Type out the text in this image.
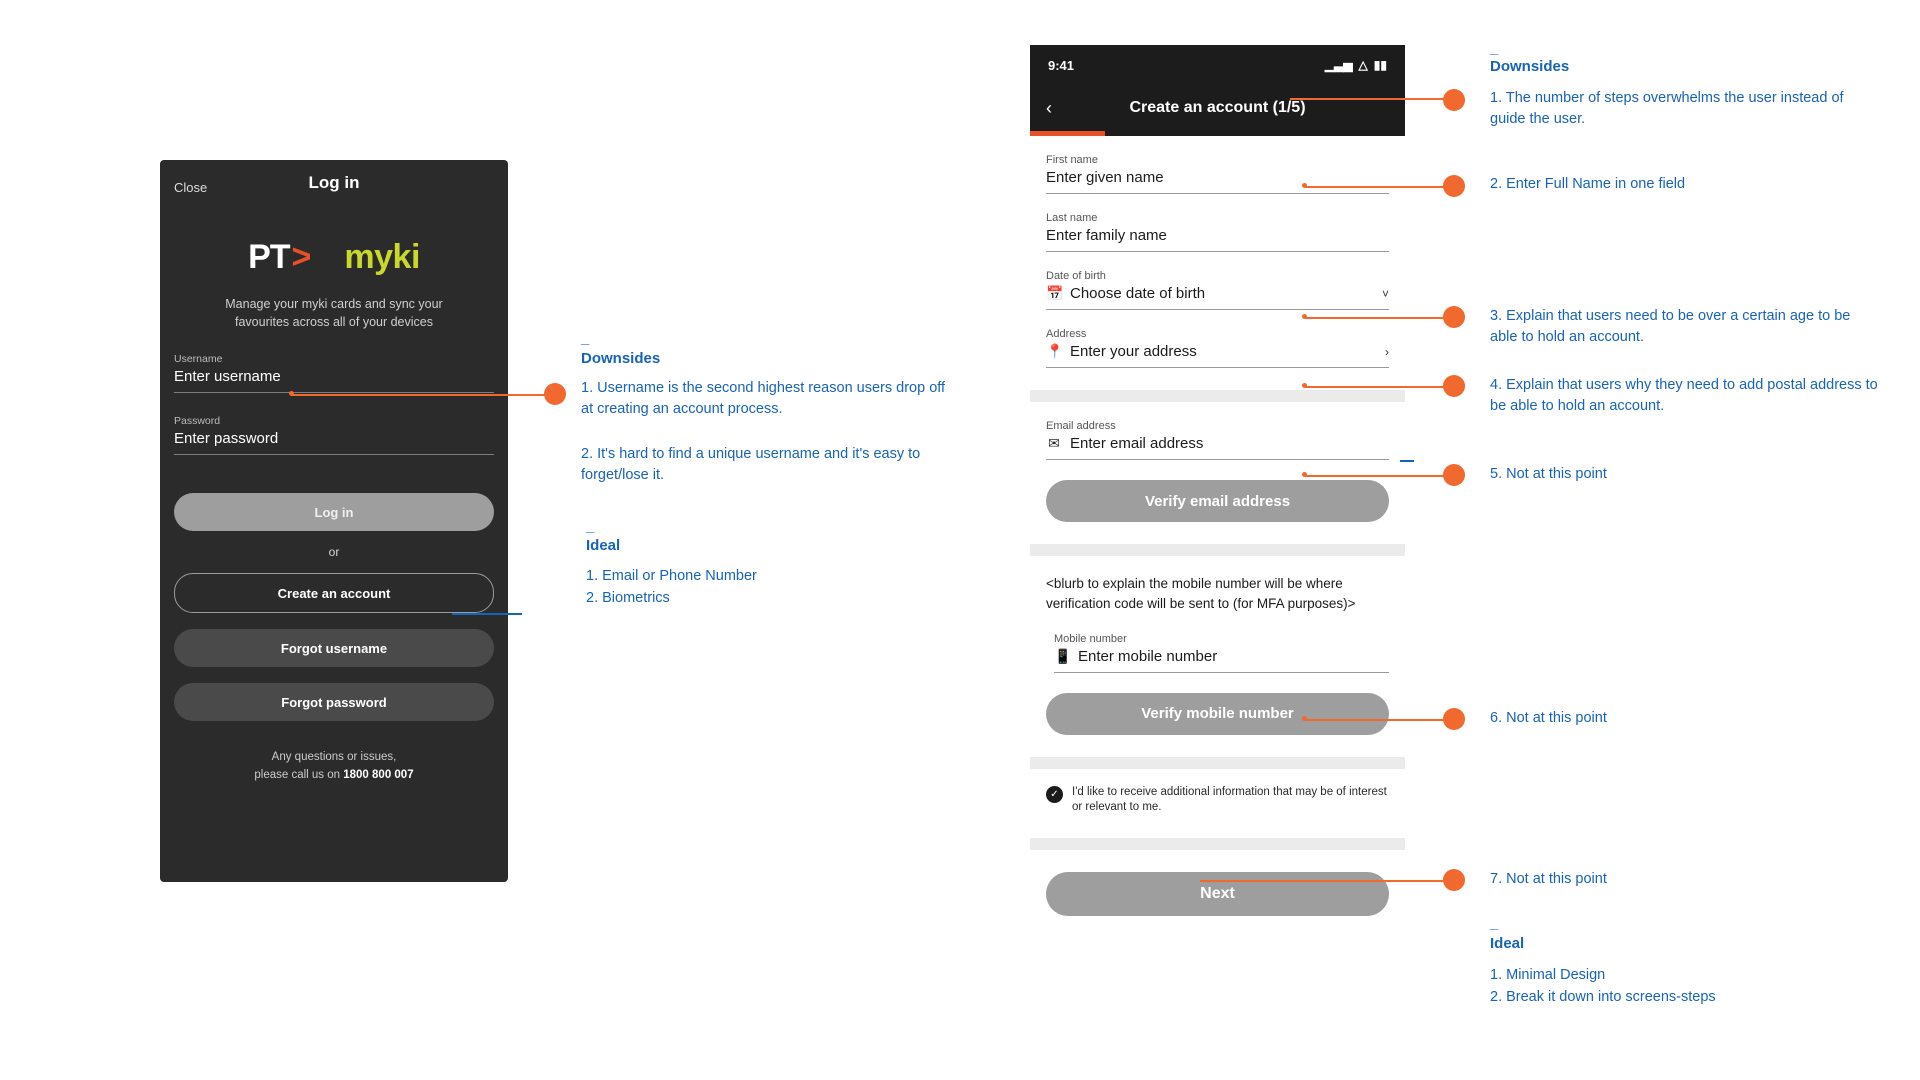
Close	Log in
PT> myki
Manage your myki cards and sync your favourites across all of your devices
Username
Enter username
Password
Enter password
Log in
or
Create an account
Forgot username
Forgot password
Any questions or issues,
please call us on 1800 800 007
9:41	▁▃▅ △ ▮▮
‹	Create an account (1/5)
First name
Enter given name
Last name
Enter family name
Date of birth
📅 Choose date of birth	˅
Address
📍 Enter your address	›
Email address
✉ Enter email address
Verify email address
<blurb to explain the mobile number will be where verification code will be sent to (for MFA purposes)>
Mobile number
📱 Enter mobile number
Verify mobile number
✓	I'd like to receive additional information that may be of interest or relevant to me.
Next
_
Downsides
1. Username is the second highest reason users drop off at creating an account process.
2. It's hard to find a unique username and it's easy to forget/lose it.
_
Ideal
1. Email or Phone Number
2. Biometrics
_
Downsides
1. The number of steps overwhelms the user instead of guide the user.
2. Enter Full Name in one field
3. Explain that users need to be over a certain age to be able to hold an account.
4. Explain that users why they need to add postal address to be able to hold an account.
5. Not at this point
6. Not at this point
7. Not at this point
_
Ideal
1. Minimal Design
2. Break it down into screens-steps
